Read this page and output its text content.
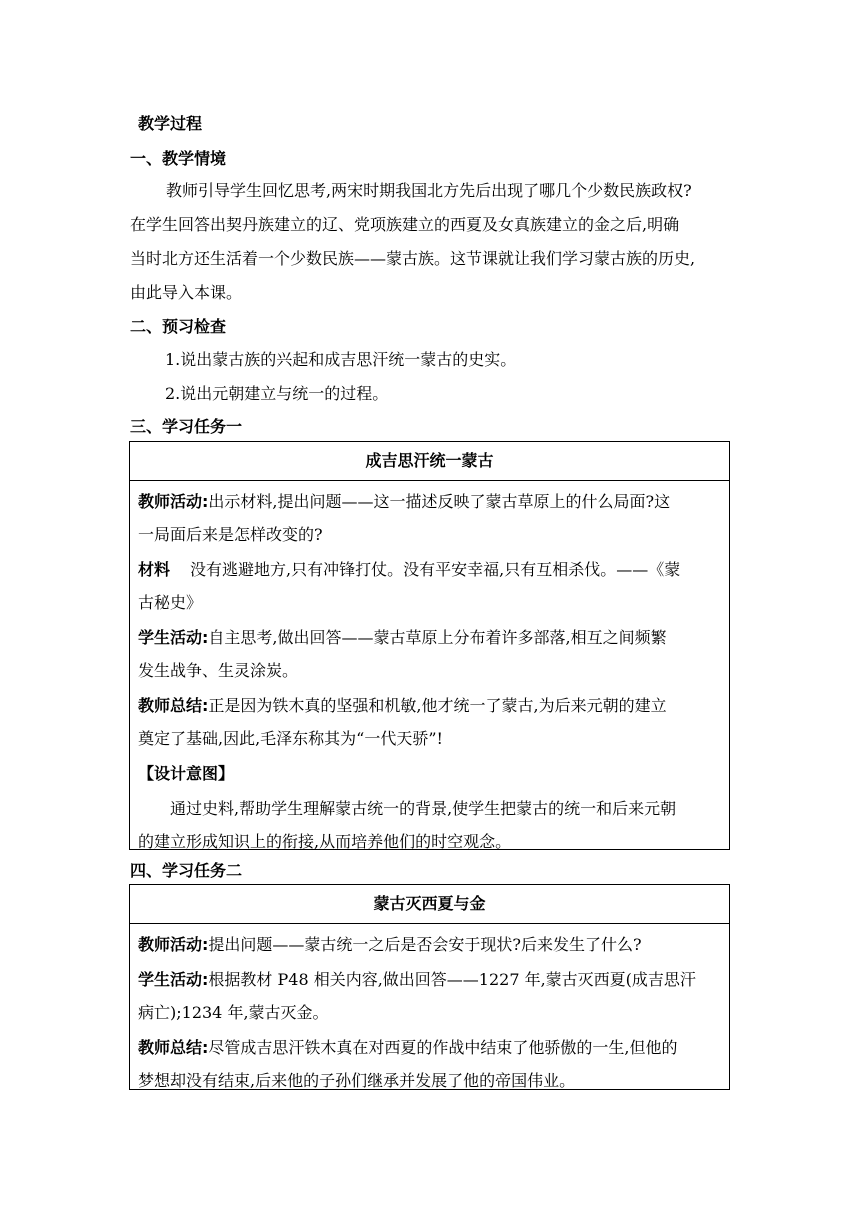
教学过程
一、教学情境
教师引导学生回忆思考,两宋时期我国北方先后出现了哪几个少数民族政权?
在学生回答出契丹族建立的辽、党项族建立的西夏及女真族建立的金之后,明确
当时北方还生活着一个少数民族——蒙古族。这节课就让我们学习蒙古族的历史,
由此导入本课。
二、预习检查
1.说出蒙古族的兴起和成吉思汗统一蒙古的史实。
2.说出元朝建立与统一的过程。
三、学习任务一
成吉思汗统一蒙古
教师活动:出示材料,提出问题——这一描述反映了蒙古草原上的什么局面?这
一局面后来是怎样改变的?
材料 没有逃避地方,只有冲锋打仗。没有平安幸福,只有互相杀伐。——《蒙
古秘史》
学生活动:自主思考,做出回答——蒙古草原上分布着许多部落,相互之间频繁
发生战争、生灵涂炭。
教师总结:正是因为铁木真的坚强和机敏,他才统一了蒙古,为后来元朝的建立
奠定了基础,因此,毛泽东称其为“一代天骄”!
【设计意图】
通过史料,帮助学生理解蒙古统一的背景,使学生把蒙古的统一和后来元朝
的建立形成知识上的衔接,从而培养他们的时空观念。
四、学习任务二
蒙古灭西夏与金
教师活动:提出问题——蒙古统一之后是否会安于现状?后来发生了什么?
学生活动:根据教材 P48 相关内容,做出回答——1227 年,蒙古灭西夏(成吉思汗
病亡);1234 年,蒙古灭金。
教师总结:尽管成吉思汗铁木真在对西夏的作战中结束了他骄傲的一生,但他的
梦想却没有结束,后来他的子孙们继承并发展了他的帝国伟业。
